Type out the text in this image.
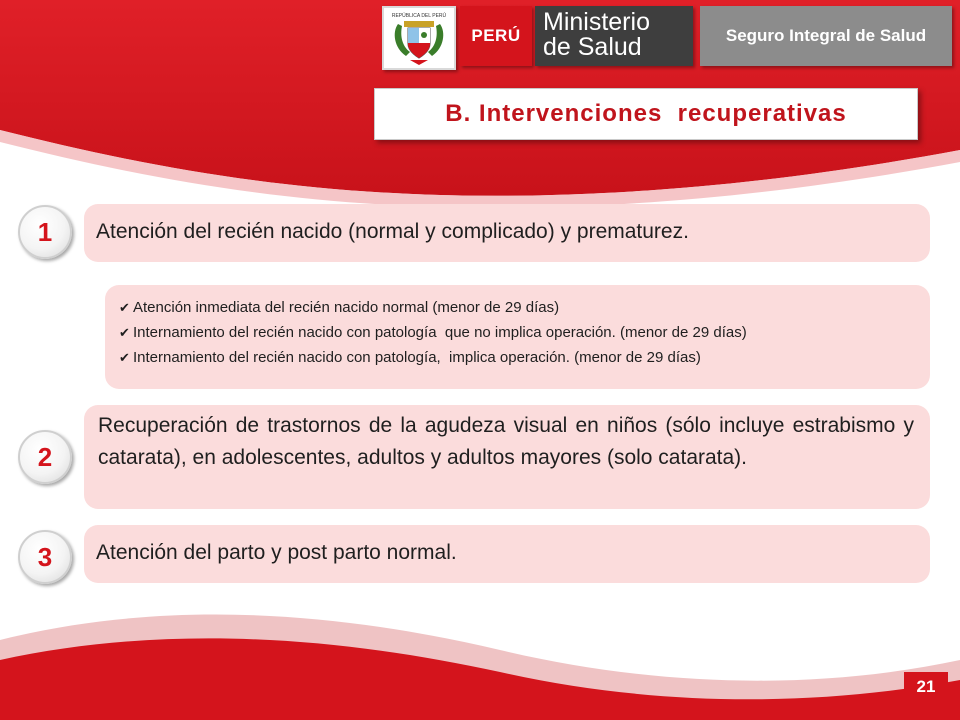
REPÚBLICA DEL PERÚ
PERÚ Ministerio
de Salud	Seguro Integral de Salud
B. Intervenciones  recuperativas
Atención del recién nacido (normal y complicado) y prematurez.
1
✔ Atención inmediata del recién nacido normal (menor de 29 días)
✔ Internamiento del recién nacido con patología  que no implica operación. (menor de 29 días)
✔ Internamiento del recién nacido con patología,  implica operación. (menor de 29 días)
Recuperación de trastornos de la agudeza visual en niños (sólo incluye estrabismo y catarata), en adolescentes, adultos y adultos mayores (solo catarata).
2
Atención del parto y post parto normal.
3
21
